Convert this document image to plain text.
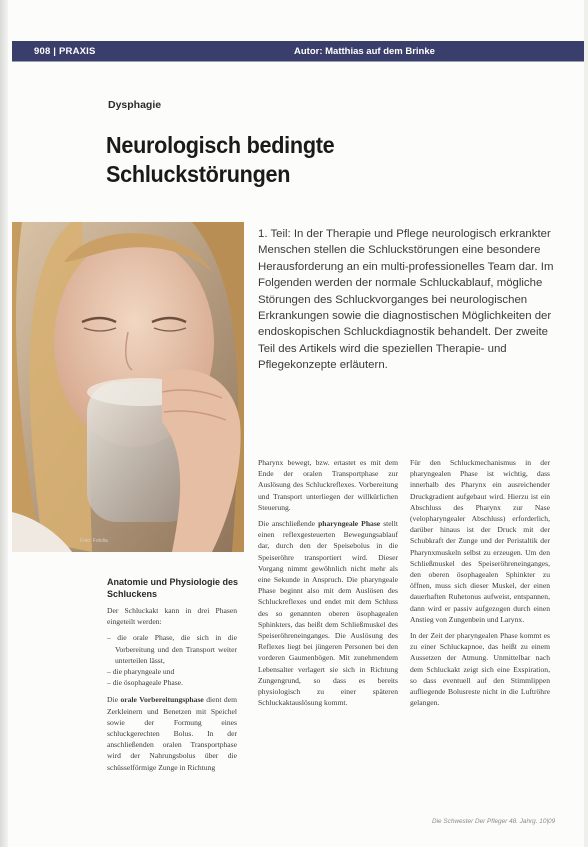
908 | PRAXIS	Autor: Matthias auf dem Brinke
Dysphagie
Neurologisch bedingte
Schluckstörungen
Foto: Fotolia
1. Teil: In der Therapie und Pflege neurologisch erkrankter Menschen stellen die Schluckstörungen eine besondere Herausforderung an ein multi-professionelles Team dar. Im Folgenden werden der normale Schluckablauf, mögliche Störungen des Schluckvorganges bei neurologischen Erkrankungen sowie die diagnostischen Möglichkeiten der endoskopischen Schluckdiagnostik behandelt. Der zweite Teil des Artikels wird die speziellen Therapie- und Pflegekonzepte erläutern.
Anatomie und Physiologie des Schluckens

Der Schluckakt kann in drei Phasen eingeteilt werden:

– die orale Phase, die sich in die Vorbereitung und den Transport weiter unterteilen lässt,
– die pharyngeale und
– die ösophageale Phase.

Die orale Vorbereitungsphase dient dem Zerkleinern und Benetzen mit Speichel sowie der Formung eines schluckgerechten Bolus. In der anschließenden oralen Transportphase wird der Nahrungsbolus über die schüsselförmige Zunge in Richtung

Pharynx bewegt, bzw. ertastet es mit dem Ende der oralen Transportphase zur Auslösung des Schluckreflexes. Vorbereitung und Transport unterliegen der willkürlichen Steuerung.

Die anschließende pharyngeale Phase stellt einen reflexgesteuerten Bewegungsablauf dar, durch den der Speisebolus in die Speiseröhre transportiert wird. Dieser Vorgang nimmt gewöhnlich nicht mehr als eine Sekunde in Anspruch. Die pharyngeale Phase beginnt also mit dem Auslösen des Schluckreflexes und endet mit dem Schluss des so genannten oberen ösophagealen Sphinkters, das heißt dem Schließmuskel des Speiseröhreneinganges. Die Auslösung des Reflexes liegt bei jüngeren Personen bei den vorderen Gaumenbögen. Mit zunehmendem Lebensalter verlagert sie sich in Richtung Zungengrund, so dass es bereits physiologisch zu einer späteren Schluckaktauslösung kommt.

Für den Schluckmechanismus in der pharyngealen Phase ist wichtig, dass innerhalb des Pharynx ein ausreichender Druckgradient aufgebaut wird. Hierzu ist ein Abschluss des Pharynx zur Nase (velopharyngealer Abschluss) erforderlich, darüber hinaus ist der Druck mit der Schubkraft der Zunge und der Peristaltik der Pharynxmuskeln selbst zu erzeugen. Um den Schließmuskel des Speiseröhreneinganges, den oberen ösophagealen Sphinkter zu öffnen, muss sich dieser Muskel, der einen dauerhaften Ruhetonus aufweist, entspannen, dann wird er passiv aufgezogen durch einen Anstieg von Zungenbein und Larynx.

In der Zeit der pharyngealen Phase kommt es zu einer Schluckapnoe, das heißt zu einem Aussetzen der Atmung. Unmittelbar nach dem Schluckakt zeigt sich eine Exspiration, so dass eventuell auf den Stimmlippen aufliegende Bolusreste nicht in die Luftröhre gelangen.

Die Schwester Der Pfleger 48. Jahrg. 10|09
